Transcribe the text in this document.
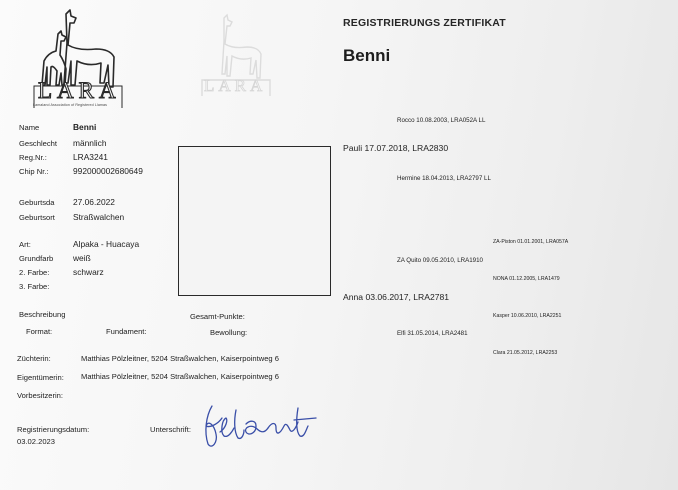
LARA
Lamaland Association of Registered Llamas
LARA
REGISTRIERUNGS ZERTIFIKAT
Benni
Name	Benni
Geschlecht männlich
Reg.Nr.:	LRA3241
Chip Nr.:	992000002680649
Geburtsda 27.06.2022
Geburtsort Straßwalchen
Art:	Alpaka - Huacaya
Grundfarb weiß
2. Farbe:	schwarz
3. Farbe:
Pauli 17.07.2018, LRA2830
Anna 03.06.2017, LRA2781
Rocco 10.08.2003, LRA052A LL
Hermine 18.04.2013, LRA2797 LL
ZA Quito 09.05.2010, LRA1910
Elfi 31.05.2014, LRA2481
ZA-Piston 01.01.2001, LRA057A
NONA 01.12.2005, LRA1479
Kasper 10.06.2010, LRA2251
Clara 21.05.2012, LRA2253
Beschreibung	Gesamt-Punkte:
Format:	Fundament:	Bewollung:
Züchterin:	Matthias Pölzleitner, 5204 Straßwalchen, Kaiserpointweg 6
Eigentümerin: Matthias Pölzleitner, 5204 Straßwalchen, Kaiserpointweg 6
Vorbesitzerin:
Registrierungsdatum:
03.02.2023
Unterschrift:
